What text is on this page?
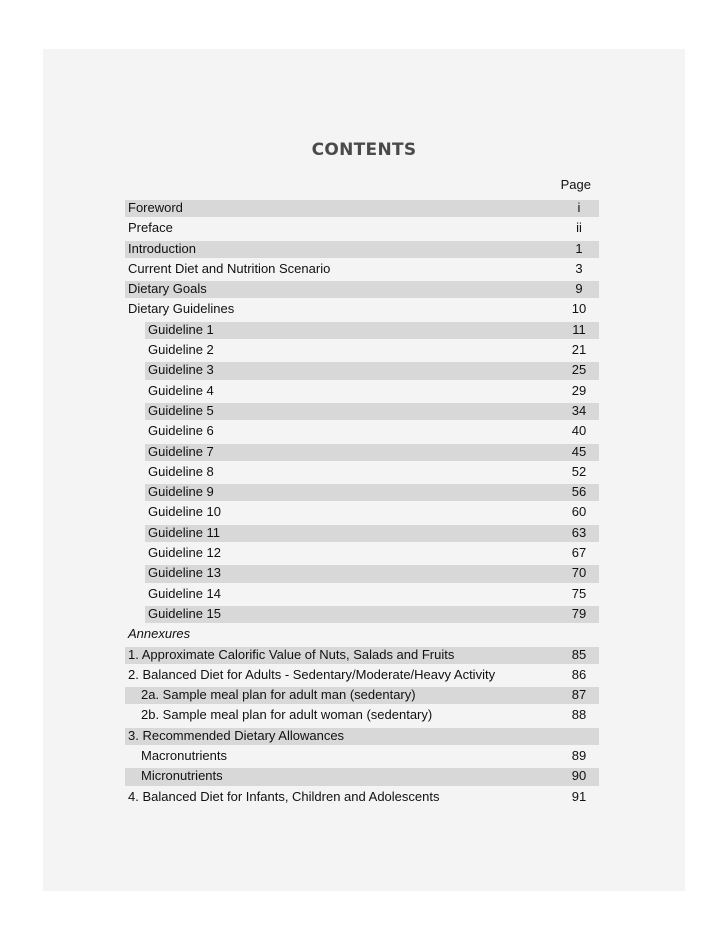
CONTENTS
Page
Foreword	i
Preface	ii
Introduction	1
Current Diet and Nutrition Scenario	3
Dietary Goals	9
Dietary Guidelines	10
Guideline 1	11
Guideline 2	21
Guideline 3	25
Guideline 4	29
Guideline 5	34
Guideline 6	40
Guideline 7	45
Guideline 8	52
Guideline 9	56
Guideline 10	60
Guideline 11	63
Guideline 12	67
Guideline 13	70
Guideline 14	75
Guideline 15	79
Annexures
1. Approximate Calorific Value of Nuts, Salads and Fruits	85
2. Balanced Diet for Adults - Sedentary/Moderate/Heavy Activity	86
2a. Sample meal plan for adult man (sedentary)	87
2b. Sample meal plan for adult woman (sedentary)	88
3. Recommended Dietary Allowances
Macronutrients	89
Micronutrients	90
4. Balanced Diet for Infants, Children and Adolescents	91
